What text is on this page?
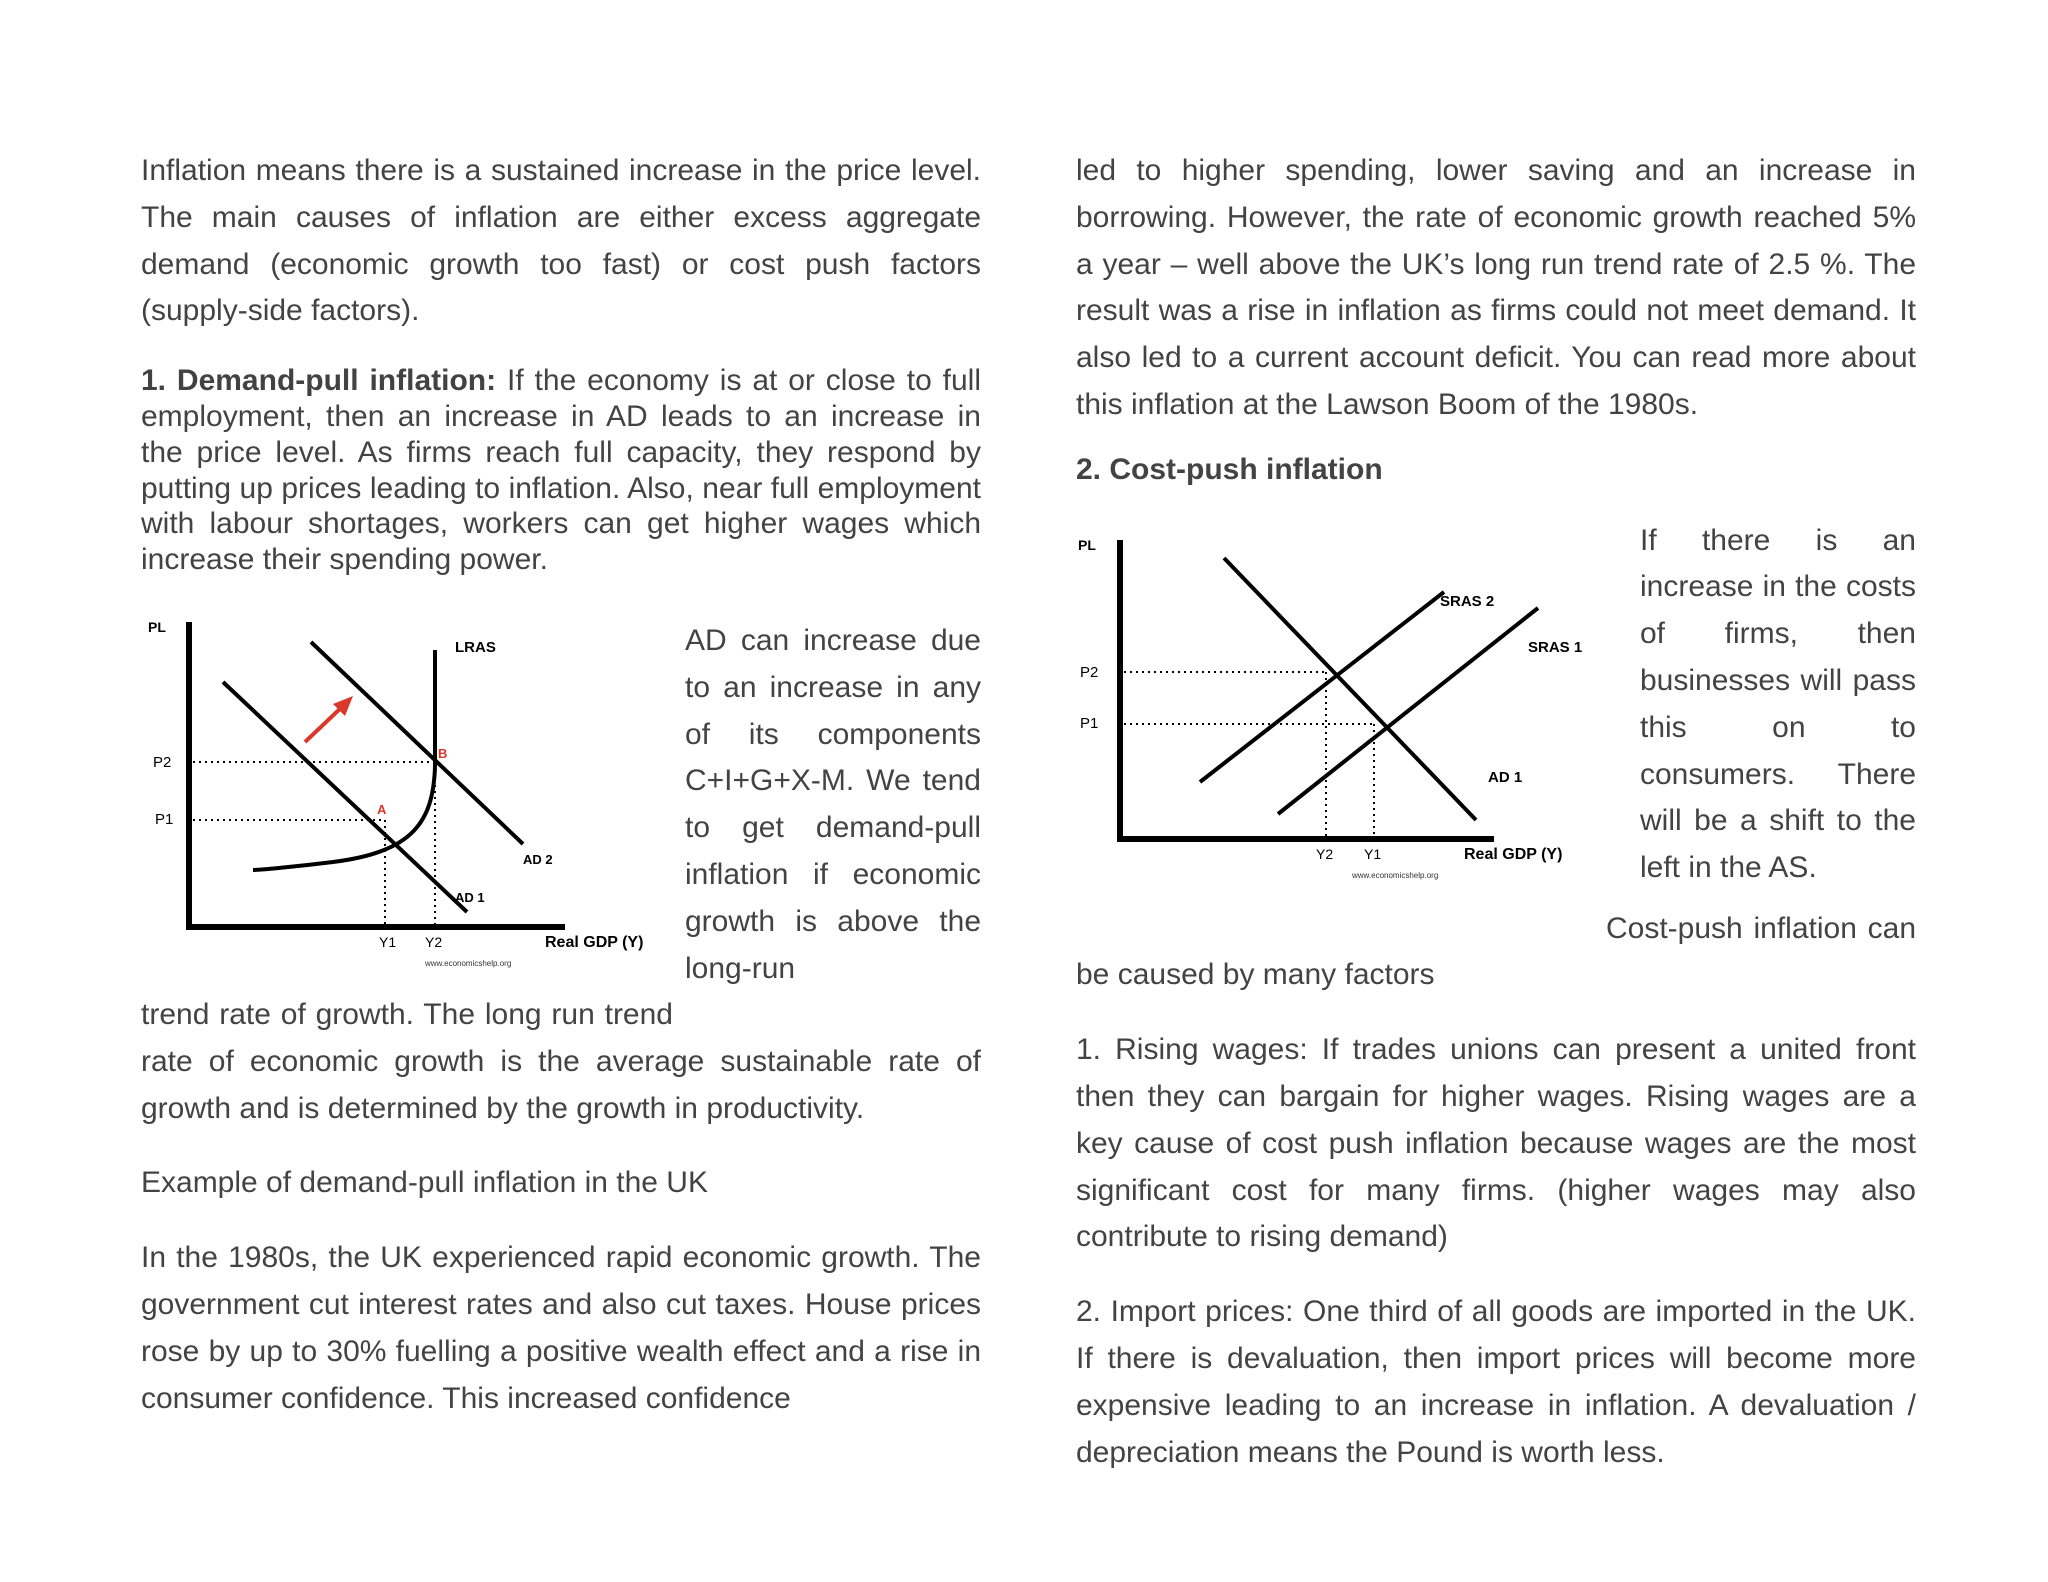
Inflation means there is a sustained increase in the price level. The main causes of inflation are either excess aggregate demand (economic growth too fast) or cost push factors (supply-side factors).

1. Demand-pull inflation: If the economy is at or close to full employment, then an increase in AD leads to an increase in the price level. As firms reach full capacity, they respond by putting up prices leading to inflation. Also, near full employment with labour shortages, workers can get higher wages which increase their spending power.

AD can increase due to an increase in any of its components C+I+G+X-M. We tend to get demand-pull inflation if economic growth is above the long-run
PL
LRAS
AD 2
AD 1
P2
P1
Y1 Y2
B
A
Real GDP (Y)
www.economicshelp.org

trend rate of growth. The long run trend rate of economic growth is the average sustainable rate of growth and is determined by the growth in productivity.

Example of demand-pull inflation in the UK

In the 1980s, the UK experienced rapid economic growth. The government cut interest rates and also cut taxes. House prices rose by up to 30% fuelling a positive wealth effect and a rise in consumer confidence. This increased confidence

led to higher spending, lower saving and an increase in borrowing. However, the rate of economic growth reached 5% a year – well above the UK’s long run trend rate of 2.5 %. The result was a rise in inflation as firms could not meet demand. It also led to a current account deficit. You can read more about this inflation at the Lawson Boom of the 1980s.

2. Cost-push inflation

If there is an increase in the costs of firms, then businesses will pass this on to consumers. There will be a shift to the left in the AS.
PL
AD 1
SRAS 2
SRAS 1
P2
P1
Y2 Y1	Real GDP (Y)
www.economicshelp.org

Cost-push inflation can be caused by many factors

1. Rising wages: If trades unions can present a united front then they can bargain for higher wages. Rising wages are a key cause of cost push inflation because wages are the most significant cost for many firms. (higher wages may also contribute to rising demand)

2. Import prices: One third of all goods are imported in the UK. If there is devaluation, then import prices will become more expensive leading to an increase in inflation. A devaluation / depreciation means the Pound is worth less.
